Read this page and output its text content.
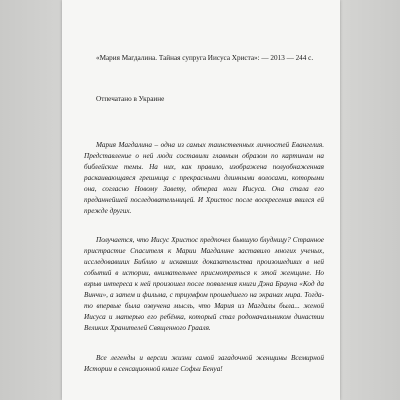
«Мария Магдалина. Тайная супруга Иисуса Христа»: — 2013 — 244 с.

Отпечатано в Украине

Мария Магдалина – одна из самых таинственных личностей Евангелия. Представление о ней люди составили главным образом по картинам на библейские темы. На них, как правило, изображена полуобнаженная раскаивающаяся грешница с прекрасными длинными волосами, которыми она, согласно Новому Завету, обтерла ноги Иисуса. Она стала его преданнейшей последовательницей. И Христос после воскресения явился ей прежде других.

Получается, что Иисус Христос предпочел бывшую блудницу? Странное пристрастие Спасителя к Марии Магдалине заставило многих ученых, исследовавших Библию и искавших доказательства произошедших в ней событий в истории, внимательнее присмотреться к этой женщине. Но взрыв интереса к ней произошел после появления книги Дэна Брауна «Код да Винчи», а затем и фильма, с триумфом прошедшего на экранах мира. Тогда-то впервые была озвучена мысль, что Мария из Магдалы была... женой Иисуса и матерью его ребёнка, который стал родоначальником династии Великих Хранителей Священного Грааля.

Все легенды и версии жизни самой загадочной женщины Всемирной Истории в сенсационной книге Софьи Бенуа!
